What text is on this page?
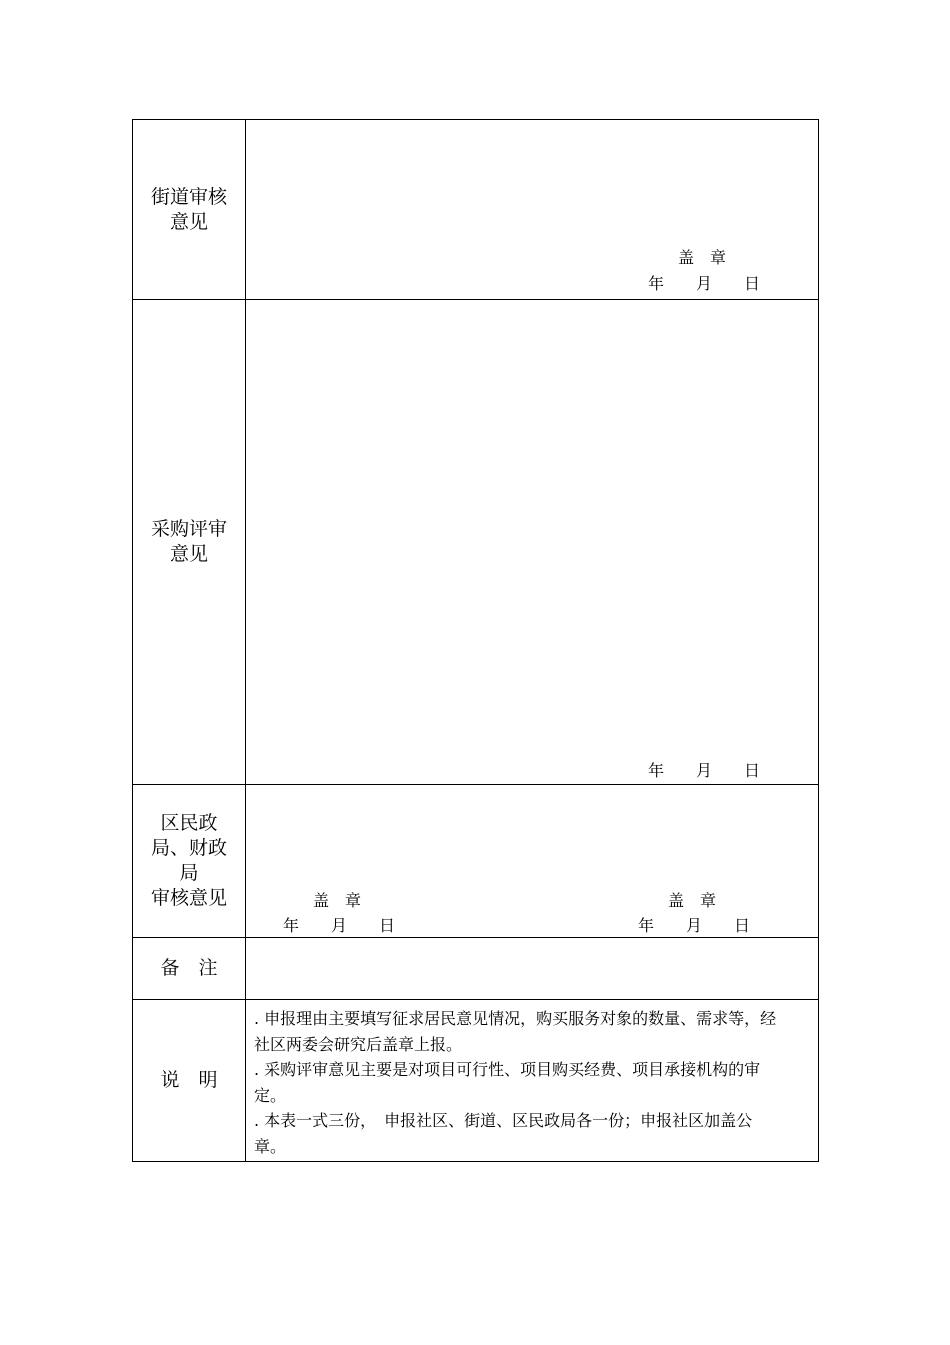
街道审核
意见
盖　章
年　　月　　日
采购评审
意见
年　　月　　日
区民政
局、财政
局
审核意见	盖　章
年　　月　　日
盖　章
年　　月　　日
备　注
说　明

. 申报理由主要填写征求居民意见情况，购买服务对象的数量、需求等，经社区两委会研究后盖章上报。

. 采购评审意见主要是对项目可行性、项目购买经费、项目承接机构的审定。

. 本表一式三份，　申报社区、街道、区民政局各一份；申报社区加盖公章。
